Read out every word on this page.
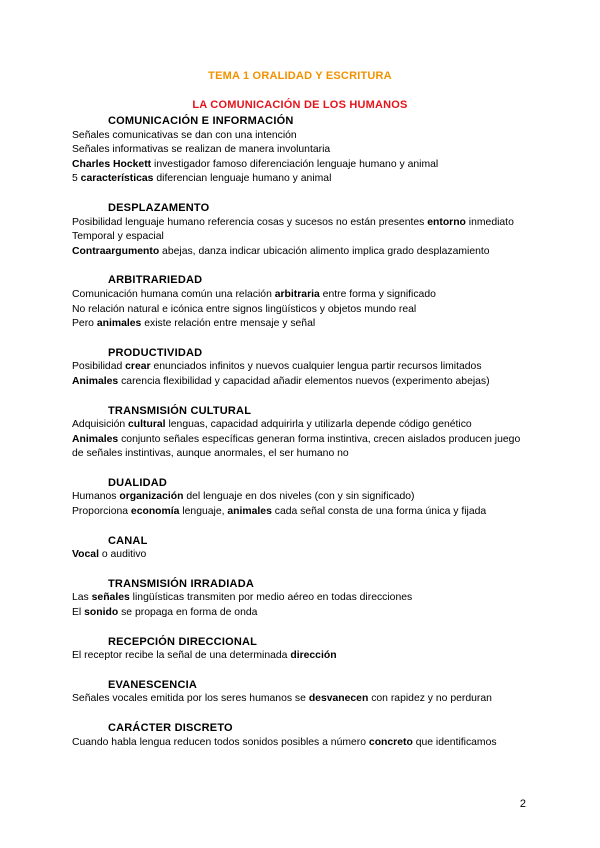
TEMA 1 ORALIDAD Y ESCRITURA
LA COMUNICACIÓN DE LOS HUMANOS
COMUNICACIÓN E INFORMACIÓN
Señales comunicativas se dan con una intención
Señales informativas se realizan de manera involuntaria
Charles Hockett investigador famoso diferenciación lenguaje humano y animal
5 características diferencian lenguaje humano y animal
DESPLAZAMENTO
Posibilidad lenguaje humano referencia cosas y sucesos no están presentes entorno inmediato
Temporal y espacial
Contraargumento abejas, danza indicar ubicación alimento implica grado desplazamiento
ARBITRARIEDAD
Comunicación humana común una relación arbitraria entre forma y significado
No relación natural e icónica entre signos lingüísticos y objetos mundo real
Pero animales existe relación entre mensaje y señal
PRODUCTIVIDAD
Posibilidad crear enunciados infinitos y nuevos cualquier lengua partir recursos limitados
Animales carencia flexibilidad y capacidad añadir elementos nuevos (experimento abejas)
TRANSMISIÓN CULTURAL
Adquisición cultural lenguas, capacidad adquirirla y utilizarla depende código genético
Animales conjunto señales específicas generan forma instintiva, crecen aislados producen juego de señales instintivas, aunque anormales, el ser humano no
DUALIDAD
Humanos organización del lenguaje en dos niveles (con y sin significado)
Proporciona economía lenguaje, animales cada señal consta de una forma única y fijada
CANAL
Vocal o auditivo
TRANSMISIÓN IRRADIADA
Las señales lingüísticas transmiten por medio aéreo en todas direcciones
El sonido se propaga en forma de onda
RECEPCIÓN DIRECCIONAL
El receptor recibe la señal de una determinada dirección
EVANESCENCIA
Señales vocales emitida por los seres humanos se desvanecen con rapidez y no perduran
CARÁCTER DISCRETO
Cuando habla lengua reducen todos sonidos posibles a número concreto que identificamos
2
